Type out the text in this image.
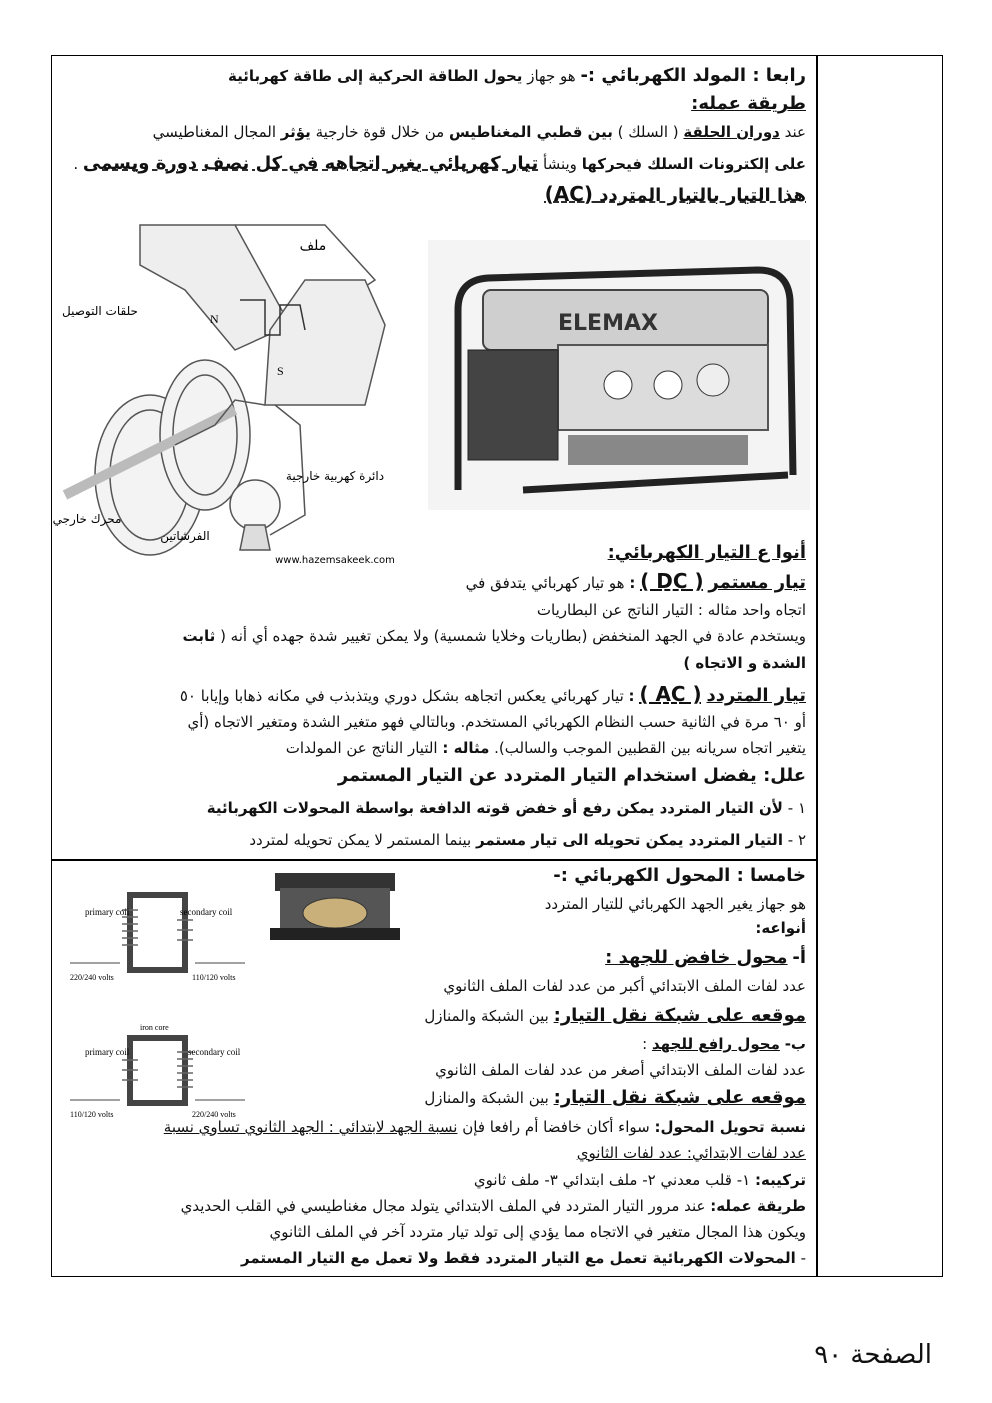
رابعا : المولد الكهربائي :- هو جهاز يحول الطاقة الحركية إلى طاقة كهربائية
طريقة عمله:
عند دوران الحلقة ( السلك ) بين قطبي المغناطيس من خلال قوة خارجية يؤثر المجال المغناطيسي
على إلكترونات السلك فيحركها وينشأ تيار كهربائي يغير اتجاهه في كل نصف دورة ويسمى .
هذا التيار بالتيار المتردد (AC)
ملف
حلقات التوصيل
N
S
دائرة كهربية خارجية
محرك خارجي
الفرشاتين
www.hazemsakeek.com
ELEMAX
أنوا ع التيار الكهربائي:
تيار مستمر ( DC ) : هو تيار كهربائي يتدفق في
اتجاه واحد مثاله : التيار الناتج عن البطاريات
ويستخدم عادة في الجهد المنخفض (بطاريات وخلايا شمسية) ولا يمكن تغيير شدة جهده أي أنه ( ثابت
الشدة و الاتجاه )
تيار المتردد ( AC ) : تيار كهربائي يعكس اتجاهه بشكل دوري ويتذبذب في مكانه ذهابا وإيابا ٥٠
أو ٦٠ مرة في الثانية حسب النظام الكهربائي المستخدم. وبالتالي فهو متغير الشدة ومتغير الاتجاه (أي
يتغير اتجاه سريانه بين القطبين الموجب والسالب). مثاله : التيار الناتج عن المولدات
علل: يفضل استخدام التيار المتردد عن التيار المستمر
١ - لأن التيار المتردد يمكن رفع أو خفض قوته الدافعة بواسطة المحولات الكهربائية
٢ - التيار المتردد يمكن تحويله الى تيار مستمر بينما المستمر لا يمكن تحويله لمتردد
خامسا : المحول الكهربائي :-
هو جهاز يغير الجهد الكهربائي للتيار المتردد
أنواعه:
أ- محول خافض للجهد :
عدد لفات الملف الابتدائي أكبر من عدد لفات الملف الثانوي
موقعه على شبكة نقل التيار: بين الشبكة والمنازل
ب- محول رافع للجهد :
عدد لفات الملف الابتدائي أصغر من عدد لفات الملف الثانوي
موقعه على شبكة نقل التيار: بين الشبكة والمنازل
نسبة تحويل المحول: سواء أكان خافضا أم رافعا فإن نسبة الجهد لابتدائي : الجهد الثانوي تساوي نسبة
عدد لفات الابتدائي: عدد لفات الثانوي
تركيبه: ١- قلب معدني ٢- ملف ابتدائي ٣- ملف ثانوي
طريقة عمله: عند مرور التيار المتردد في الملف الابتدائي يتولد مجال مغناطيسي في القلب الحديدي
ويكون هذا المجال متغير في الاتجاه مما يؤدي إلى تولد تيار متردد آخر في الملف الثانوي
- المحولات الكهربائية تعمل مع التيار المتردد فقط ولا تعمل مع التيار المستمر
primary coil	secondary coil
220/240 volts	110/120 volts
iron core
primary coil	secondary coil
110/120 volts	220/240 volts
الصفحة ٩٠
